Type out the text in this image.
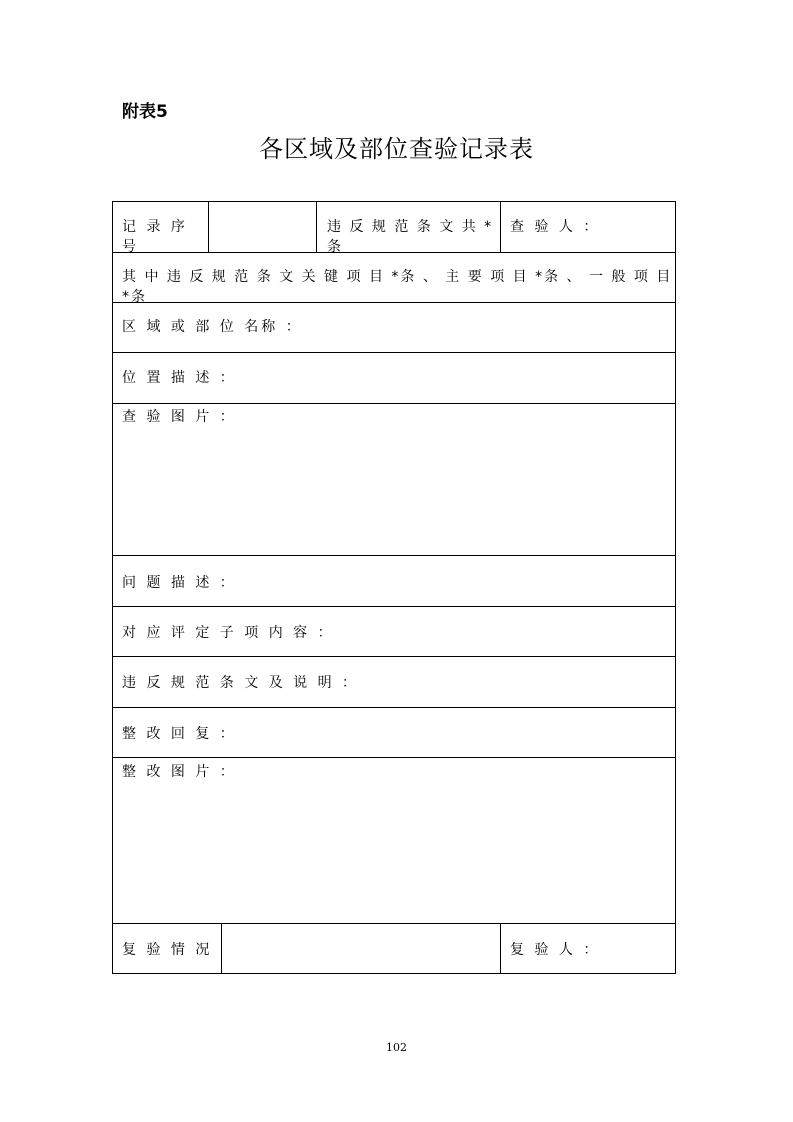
附表5
各区域及部位查验记录表
记 录 序 号
违 反 规 范 条 文 共 *条
查 验 人 ：
其 中 违 反 规 范 条 文 关 键 项 目 *条 、 主 要 项 目 *条 、 一 般 项 目 *条
区 域 或 部 位 名称 ：
位 置 描 述 ：
查 验 图 片 ：
问 题 描 述 ：
对 应 评 定 子 项 内 容 ：
违 反 规 范 条 文 及 说 明 ：
整 改 回 复 ：
整 改 图 片 ：
复 验 情 况	复 验 人 ：
102
